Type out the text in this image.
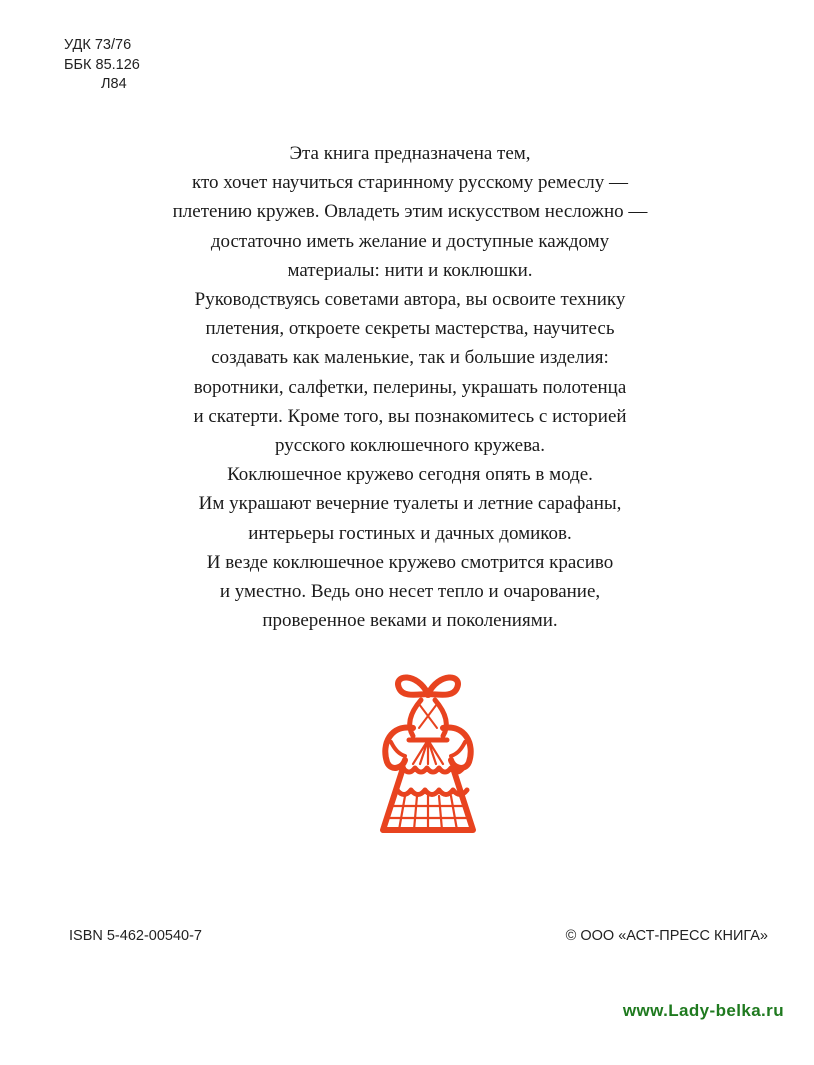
УДК 73/76
ББК 85.126
Л84
Эта книга предназначена тем,
кто хочет научиться старинному русскому ремеслу —
плетению кружев. Овладеть этим искусством несложно —
достаточно иметь желание и доступные каждому
материалы: нити и коклюшки.
Руководствуясь советами автора, вы освоите технику
плетения, откроете секреты мастерства, научитесь
создавать как маленькие, так и большие изделия:
воротники, салфетки, пелерины, украшать полотенца
и скатерти. Кроме того, вы познакомитесь с историей
русского коклюшечного кружева.
Коклюшечное кружево сегодня опять в моде.
Им украшают вечерние туалеты и летние сарафаны,
интерьеры гостиных и дачных домиков.
И везде коклюшечное кружево смотрится красиво
и уместно. Ведь оно несет тепло и очарование,
проверенное веками и поколениями.
ISBN 5-462-00540-7	© ООО «АСТ-ПРЕСС КНИГА»
www.Lady-belka.ru
